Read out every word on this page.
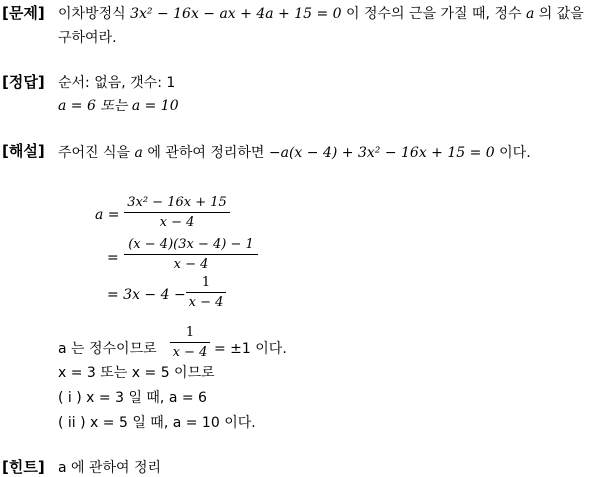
[문제] 이차방정식 3x² − 16x − ax + 4a + 15 = 0 이 정수의 근을 가질 때, 정수 a 의 값을
구하여라.
[정답] 순서: 없음, 갯수: 1
a = 6 또는 a = 10
[해설] 주어진 식을 a 에 관하여 정리하면 −a(x − 4) + 3x² − 16x + 15 = 0 이다.
a =
3x² − 16x + 15
x − 4
=
(x − 4)(3x − 4) − 1
x − 4
= 3x − 4 −
1
x − 4
a 는 정수이므로
1
x − 4 = ±1 이다.
x = 3 또는 x = 5 이므로
( i ) x = 3 일 때, a = 6
( ii ) x = 5 일 때, a = 10 이다.
[힌트] a 에 관하여 정리
